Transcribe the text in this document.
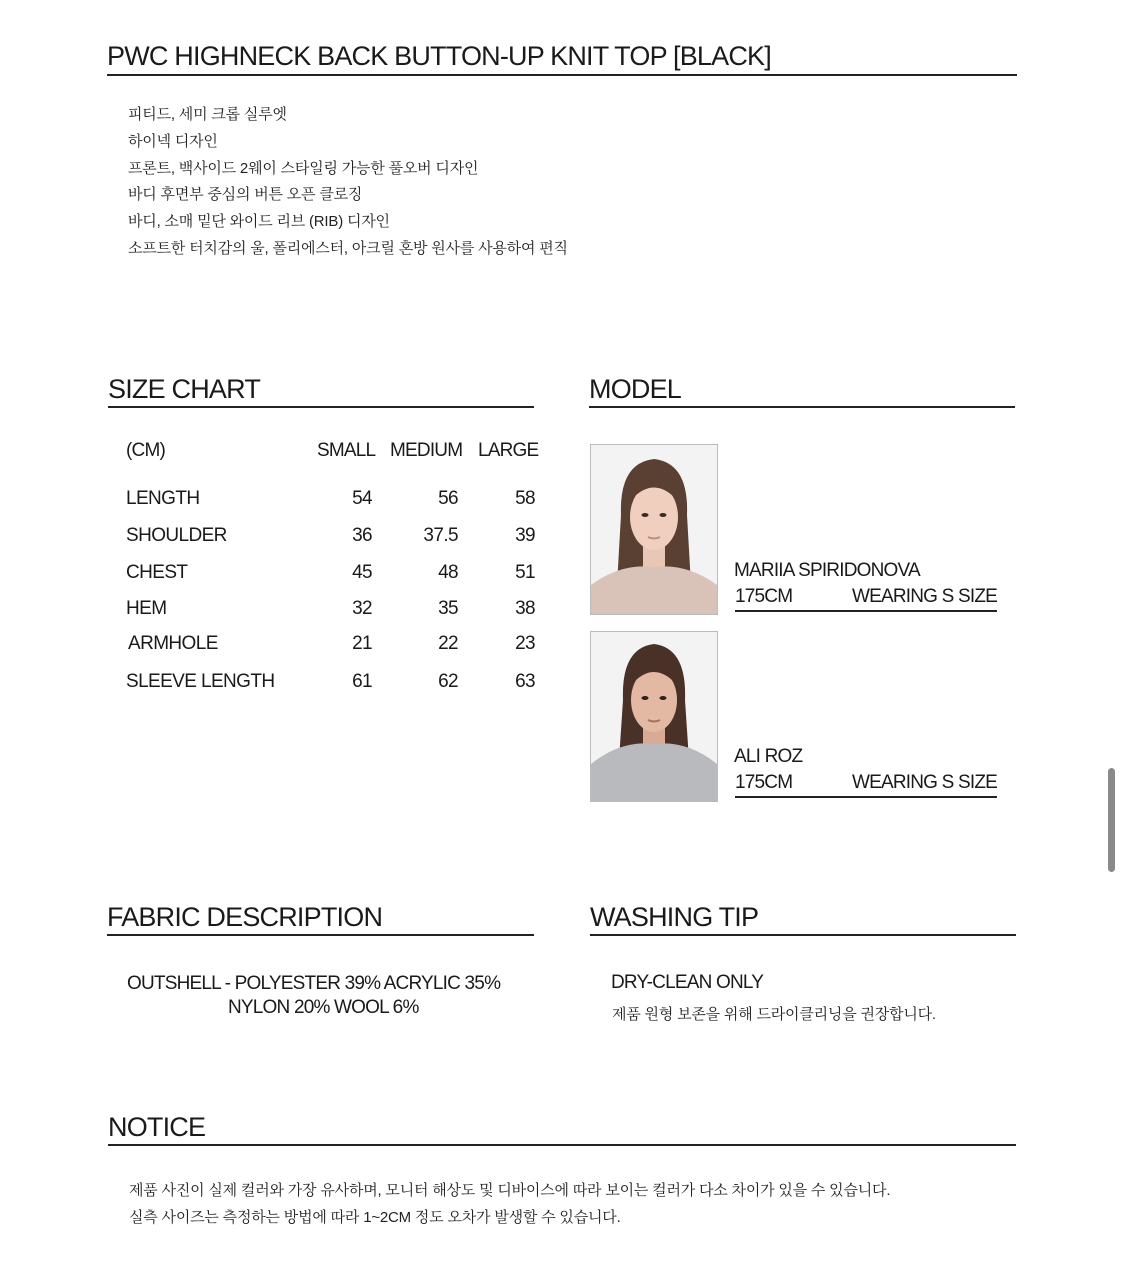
PWC HIGHNECK BACK BUTTON-UP KNIT TOP [BLACK]
피티드, 세미 크롭 실루엣
하이넥 디자인
프론트, 백사이드 2웨이 스타일링 가능한 풀오버 디자인
바디 후면부 중심의 버튼 오픈 클로징
바디, 소매 밑단 와이드 리브 (RIB) 디자인
소프트한 터치감의 울, 폴리에스터, 아크릴 혼방 원사를 사용하여 편직
SIZE CHART
(CM)	SMALL MEDIUM LARGE
LENGTH	54	56	58
SHOULDER	36	37.5	39
CHEST	45	48	51
HEM	32	35	38
ARMHOLE	21	22	23
SLEEVE LENGTH	61	62	63
MODEL
MARIIA SPIRIDONOVA
175CM	WEARING S SIZE
ALI ROZ
175CM	WEARING S SIZE
FABRIC DESCRIPTION
OUTSHELL - POLYESTER 39% ACRYLIC 35%
NYLON 20% WOOL 6%
WASHING TIP
DRY-CLEAN ONLY
제품 원형 보존을 위해 드라이클리닝을 권장합니다.
NOTICE
제품 사진이 실제 컬러와 가장 유사하며, 모니터 해상도 및 디바이스에 따라 보이는 컬러가 다소 차이가 있을 수 있습니다.
실측 사이즈는 측정하는 방법에 따라 1~2CM 정도 오차가 발생할 수 있습니다.
